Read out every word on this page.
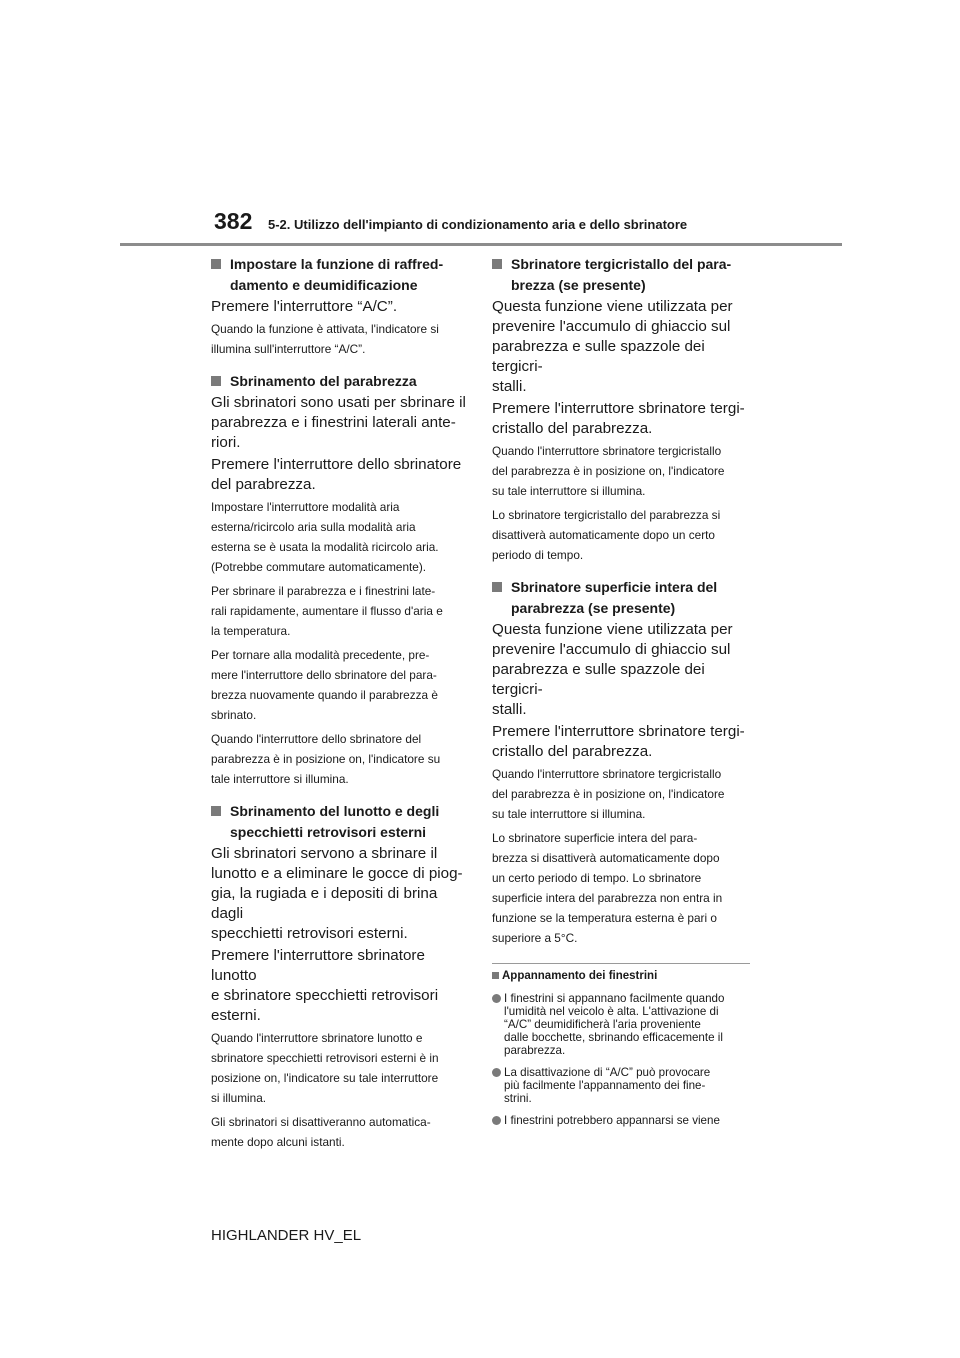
382 5-2. Utilizzo dell'impianto di condizionamento aria e dello sbrinatore
Impostare la funzione di raffred-
damento e deumidificazione

Premere l'interruttore “A/C”.

Quando la funzione è attivata, l'indicatore si
illumina sull'interruttore “A/C”.

Sbrinamento del parabrezza

Gli sbrinatori sono usati per sbrinare il
parabrezza e i finestrini laterali ante-
riori.

Premere l'interruttore dello sbrinatore
del parabrezza.

Impostare l'interruttore modalità aria
esterna/ricircolo aria sulla modalità aria
esterna se è usata la modalità ricircolo aria.
(Potrebbe commutare automaticamente).

Per sbrinare il parabrezza e i finestrini late-
rali rapidamente, aumentare il flusso d'aria e
la temperatura.

Per tornare alla modalità precedente, pre-
mere l'interruttore dello sbrinatore del para-
brezza nuovamente quando il parabrezza è
sbrinato.

Quando l'interruttore dello sbrinatore del
parabrezza è in posizione on, l'indicatore su
tale interruttore si illumina.

Sbrinamento del lunotto e degli
specchietti retrovisori esterni

Gli sbrinatori servono a sbrinare il
lunotto e a eliminare le gocce di piog-
gia, la rugiada e i depositi di brina dagli
specchietti retrovisori esterni.

Premere l'interruttore sbrinatore lunotto
e sbrinatore specchietti retrovisori
esterni.

Quando l'interruttore sbrinatore lunotto e
sbrinatore specchietti retrovisori esterni è in
posizione on, l'indicatore su tale interruttore
si illumina.

Gli sbrinatori si disattiveranno automatica-
mente dopo alcuni istanti.

Sbrinatore tergicristallo del para-
brezza (se presente)

Questa funzione viene utilizzata per
prevenire l'accumulo di ghiaccio sul
parabrezza e sulle spazzole dei tergicri-
stalli.

Premere l'interruttore sbrinatore tergi-
cristallo del parabrezza.

Quando l'interruttore sbrinatore tergicristallo
del parabrezza è in posizione on, l'indicatore
su tale interruttore si illumina.

Lo sbrinatore tergicristallo del parabrezza si
disattiverà automaticamente dopo un certo
periodo di tempo.

Sbrinatore superficie intera del
parabrezza (se presente)

Questa funzione viene utilizzata per
prevenire l'accumulo di ghiaccio sul
parabrezza e sulle spazzole dei tergicri-
stalli.

Premere l'interruttore sbrinatore tergi-
cristallo del parabrezza.

Quando l'interruttore sbrinatore tergicristallo
del parabrezza è in posizione on, l'indicatore
su tale interruttore si illumina.

Lo sbrinatore superficie intera del para-
brezza si disattiverà automaticamente dopo
un certo periodo di tempo. Lo sbrinatore
superficie intera del parabrezza non entra in
funzione se la temperatura esterna è pari o
superiore a 5°C.

Appannamento dei finestrini
I finestrini si appannano facilmente quando
l'umidità nel veicolo è alta. L'attivazione di
“A/C” deumidificherà l'aria proveniente
dalle bocchette, sbrinando efficacemente il
parabrezza.
La disattivazione di “A/C” può provocare
più facilmente l'appannamento dei fine-
strini.
I finestrini potrebbero appannarsi se viene
HIGHLANDER HV_EL
